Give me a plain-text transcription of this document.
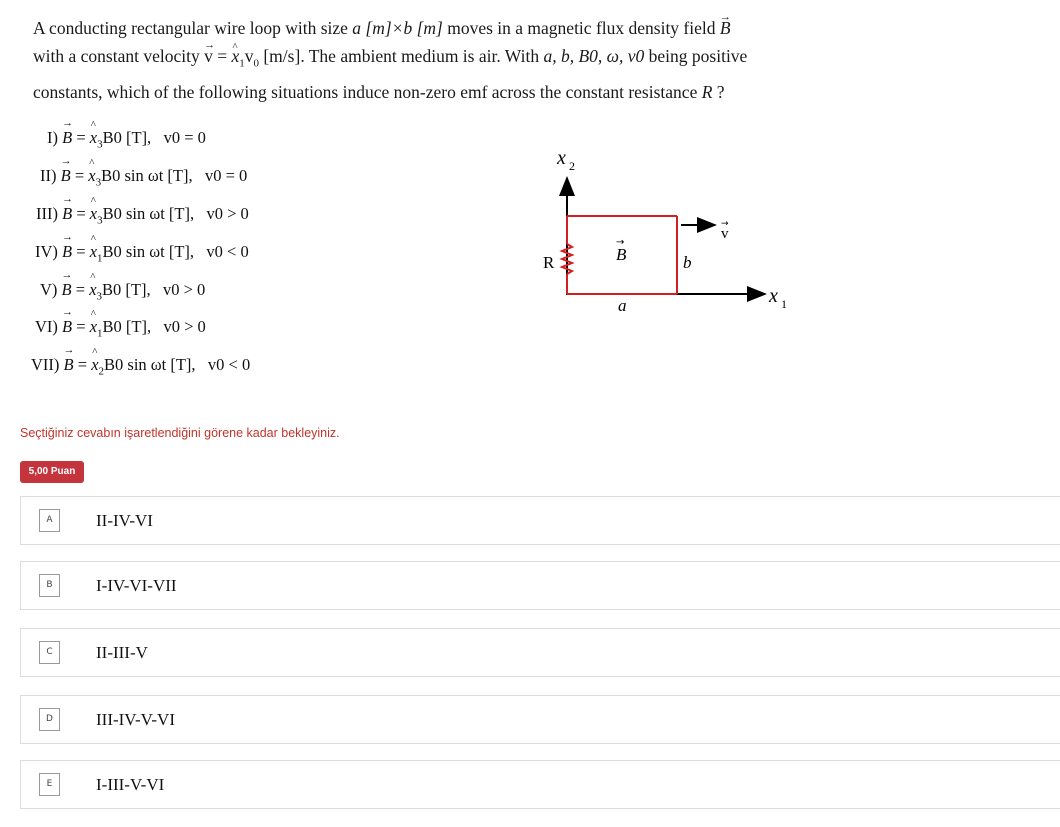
A conducting rectangular wire loop with size a [m]×b [m] moves in a magnetic flux density field → B
with a constant velocity → v = ^ $x_1v_0$ [m/s]. The ambient medium is air. With a, b, B0, ω, v0 being positive
constants, which of the following situations induce non-zero emf across the constant resistance R ?
I) → B = ^ $x_3B0$ [T], v0 = 0
II) → B = ^ $x_3B0$ sin ωt [T], v0 = 0
III) → B = ^ $x_3B0$ sin ωt [T], v0 > 0
IV) → B = ^ $x_1B0$ sin ωt [T], v0 < 0
V) → B = ^ $x_3B0$ [T], v0 > 0
VI) → B = ^ $x_1B0$ [T], v0 > 0
VII) → B = ^ $x_2B0$ sin ωt [T], v0 < 0
x 2
x 1
R	B
→
a
b
v
→
Seçtiğiniz cevabın işaretlendiğini görene kadar bekleyiniz.
5,00 Puan
A	II-IV-VI
B	I-IV-VI-VII
C	II-III-V
D	III-IV-V-VI
E	I-III-V-VI
